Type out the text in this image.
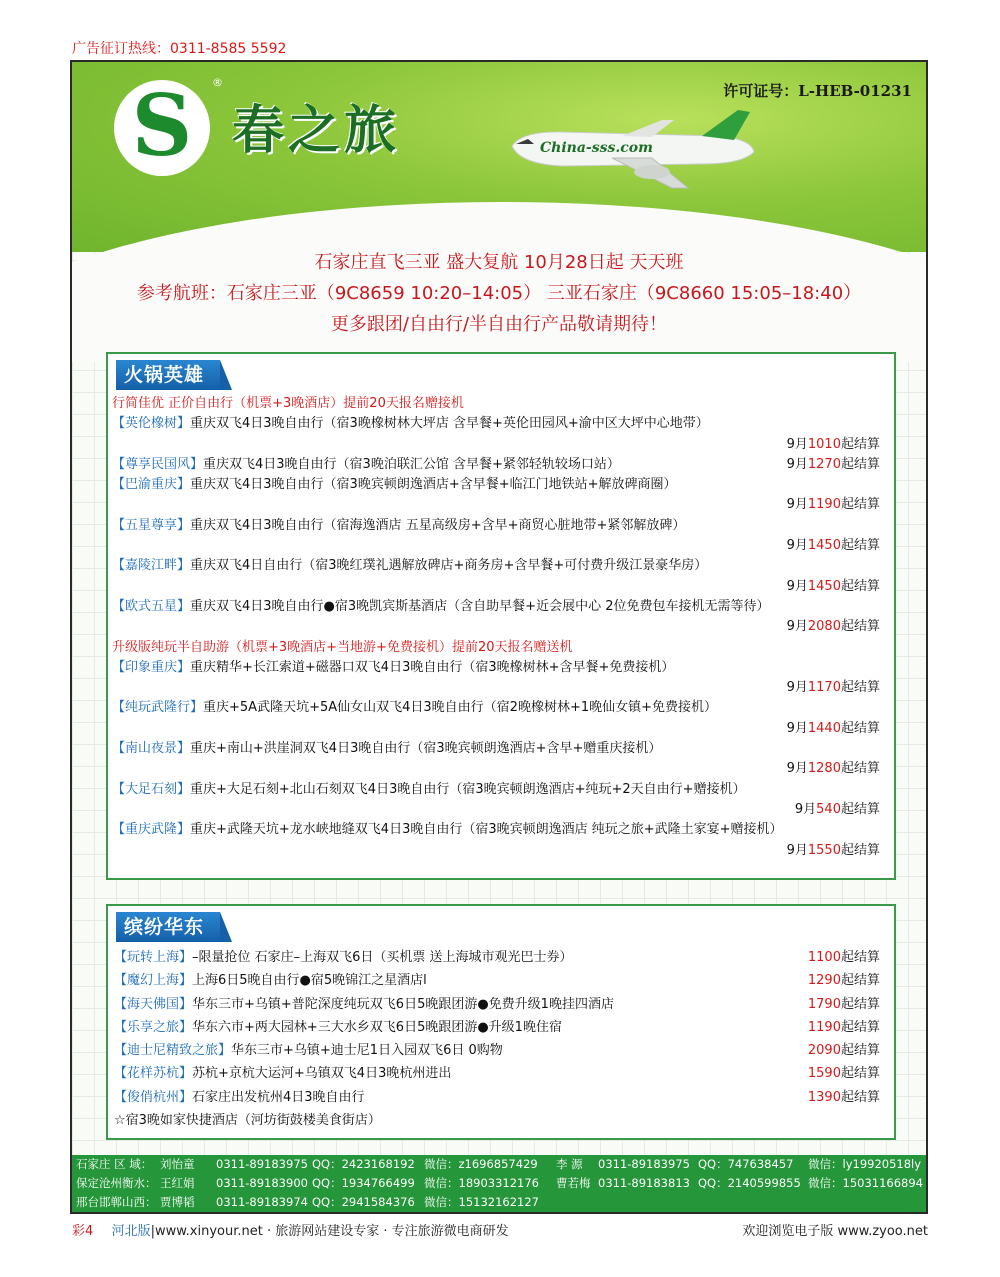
广告征订热线：0311-8585 5592
S	®
春之旅
许可证号：L-HEB-01231
China-sss.com
石家庄直飞三亚 盛大复航 10月28日起 天天班
参考航班：石家庄三亚（9C8659 10:20–14:05） 三亚石家庄（9C8660 15:05–18:40）
更多跟团/自由行/半自由行产品敬请期待！
火锅英雄
行简佳优 正价自由行（机票+3晚酒店）提前20天报名赠接机
【英伦橡树】重庆双飞4日3晚自由行（宿3晚橡树林大坪店 含早餐+英伦田园风+渝中区大坪中心地带）
9月1010起结算
【尊享民国风】重庆双飞4日3晚自由行（宿3晚泊联汇公馆 含早餐+紧邻轻轨较场口站）	9月1270起结算
【巴渝重庆】重庆双飞4日3晚自由行（宿3晚宾顿朗逸酒店+含早餐+临江门地铁站+解放碑商圈）
9月1190起结算
【五星尊享】重庆双飞4日3晚自由行（宿海逸酒店 五星高级房+含早+商贸心脏地带+紧邻解放碑）
9月1450起结算
【嘉陵江畔】重庆双飞4日自由行（宿3晚红璞礼遇解放碑店+商务房+含早餐+可付费升级江景豪华房）
9月1450起结算
【欧式五星】重庆双飞4日3晚自由行●宿3晚凯宾斯基酒店（含自助早餐+近会展中心 2位免费包车接机无需等待）
9月2080起结算
升级版纯玩半自助游（机票+3晚酒店+当地游+免费接机）提前20天报名赠送机
【印象重庆】重庆精华+长江索道+磁器口双飞4日3晚自由行（宿3晚橡树林+含早餐+免费接机）
9月1170起结算
【纯玩武隆行】重庆+5A武隆天坑+5A仙女山双飞4日3晚自由行（宿2晚橡树林+1晚仙女镇+免费接机）
9月1440起结算
【南山夜景】重庆+南山+洪崖洞双飞4日3晚自由行（宿3晚宾顿朗逸酒店+含早+赠重庆接机）
9月1280起结算
【大足石刻】重庆+大足石刻+北山石刻双飞4日3晚自由行（宿3晚宾顿朗逸酒店+纯玩+2天自由行+赠接机）
9月540起结算
【重庆武隆】重庆+武隆天坑+龙水峡地缝双飞4日3晚自由行（宿3晚宾顿朗逸酒店 纯玩之旅+武隆土家宴+赠接机）
9月1550起结算
缤纷华东
【玩转上海】–限量抢位 石家庄–上海双飞6日（买机票 送上海城市观光巴士券）	1100起结算
【魔幻上海】上海6日5晚自由行●宿5晚锦江之星酒店l	1290起结算
【海天佛国】华东三市+乌镇+普陀深度纯玩双飞6日5晚跟团游●免费升级1晚挂四酒店	1790起结算
【乐享之旅】华东六市+两大园林+三大水乡双飞6日5晚跟团游●升级1晚住宿	1190起结算
【迪士尼精致之旅】华东三市+乌镇+迪士尼1日入园双飞6日 0购物	2090起结算
【花样苏杭】苏杭+京杭大运河+乌镇双飞4日3晚杭州进出	1590起结算
【俊俏杭州】石家庄出发杭州4日3晚自由行	1390起结算
☆宿3晚如家快捷酒店（河坊街鼓楼美食街店）
石家庄 区 域： 刘怡童 0311-89183975 QQ：2423168192 微信：z1696857429 李 源 0311-89183975 QQ：747638457 微信：ly19920518ly
保定沧州衡水： 王红娟 0311-89183900 QQ：1934766499 微信：18903312176 曹若梅 0311-89183813 QQ：2140599855 微信：15031166894
邢台邯郸山西： 贾博韬 0311-89183974 QQ：2941584376 微信：15132162127
彩4 河北版|www.xinyour.net · 旅游网站建设专家 · 专注旅游微电商研发	欢迎浏览电子版 www.zyoo.net
